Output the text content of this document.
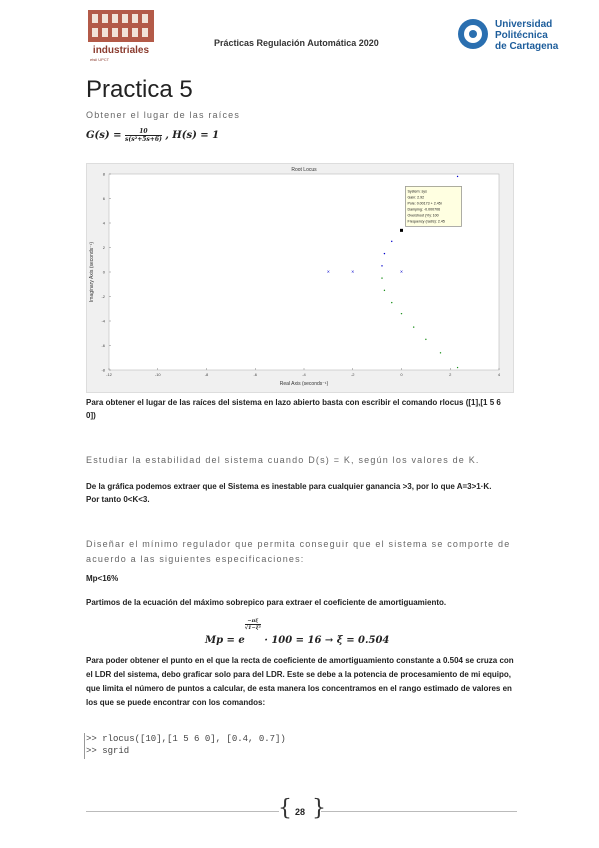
industriales
etsii UPCT
Prácticas Regulación Automática 2020
Universidad
Politécnica
de Cartagena
Practica 5
Obtener el lugar de las raíces
$G(s) = \frac{10}{\text{s(s²+5s+6)}}$ , H(s) = 1
Root Locus
Real Axis (seconds⁻¹)
Imaginary Axis (seconds⁻¹)
-12	-10	-8	-6	-4	-2	0	2	4
8
6
4
2
0
-2
-4
-6
-8
×
×
×
System: sys
Gain: 2.92
Pole: 0.00173 + 2.45i
Damping: -0.000706
Overshoot (%): 100
Frequency (rad/s): 2.45
Para obtener el lugar de las raíces del sistema en lazo abierto basta con escribir el comando rlocus ([1],[1 5 6 0])
Estudiar la estabilidad del sistema cuando D(s) = K, según los valores de K.
De la gráfica podemos extraer que el Sistema es inestable para cualquier ganancia >3, por lo que A=3>1·K. Por tanto 0<K<3.
Diseñar el mínimo regulador que permita conseguir que el sistema se comporte de acuerdo a las siguientes especificaciones:
Mp<16%
Partimos de la ecuación del máximo sobrepico para extraer el coeficiente de amortiguamiento.
Mp = e
$\frac{-\pi\xi}{\text{√1−ξ²}}$
· 100 = 16 → ξ = 0.504
Para poder obtener el punto en el que la recta de coeficiente de amortiguamiento constante a 0.504 se cruza con el LDR del sistema, debo graficar solo para del LDR. Este se debe a la potencia de procesamiento de mi equipo, que limita el número de puntos a calcular, de esta manera los concentramos en el rango estimado de valores en los que se puede encontrar con los comandos:
>> rlocus([10],[1 5 6 0], [0.4, 0.7])
>> sgrid
{ }
28
